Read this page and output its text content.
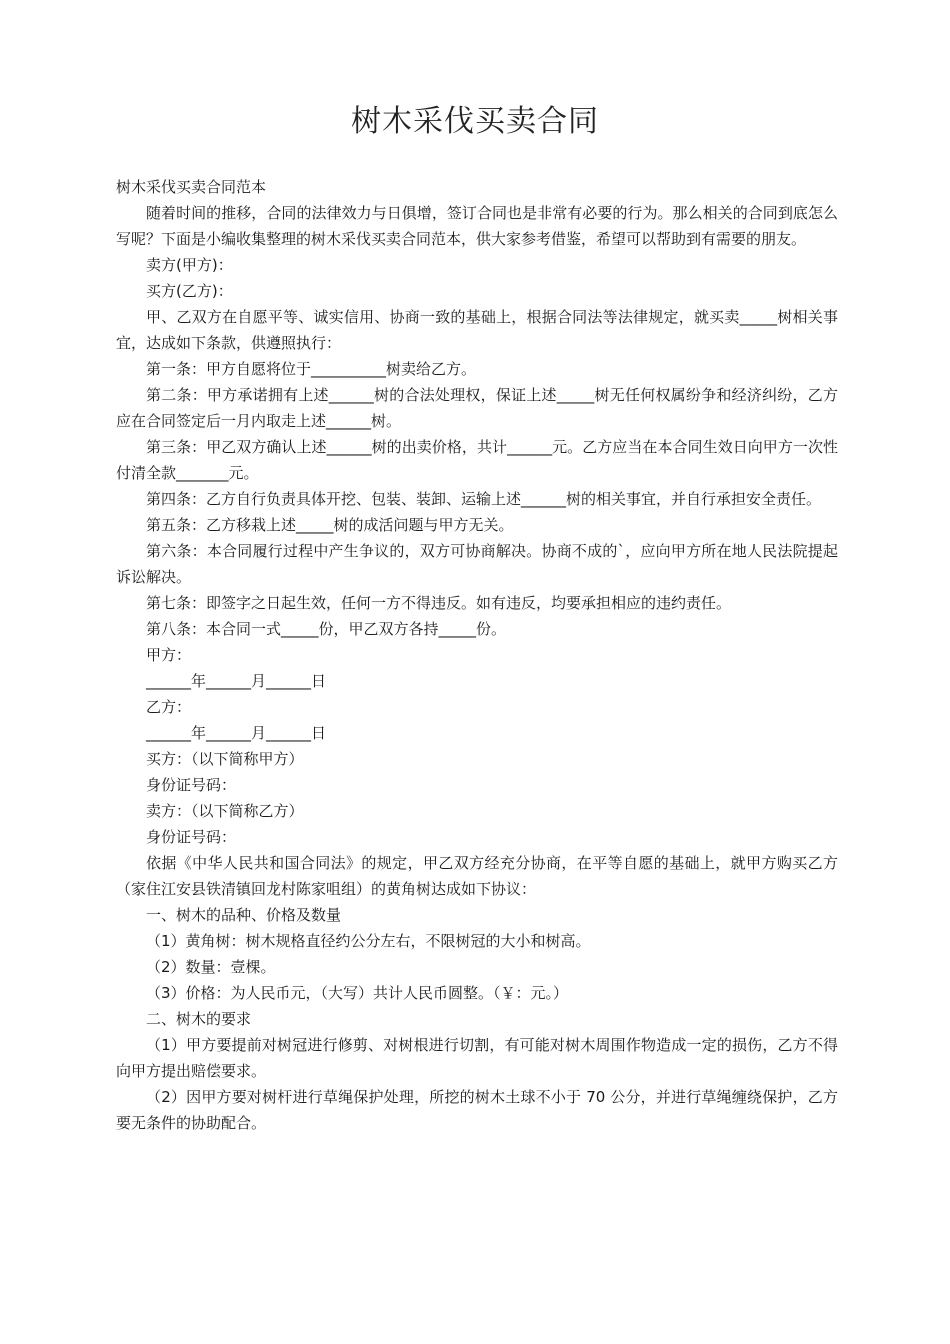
树木采伐买卖合同

树木采伐买卖合同范本

随着时间的推移，合同的法律效力与日俱增，签订合同也是非常有必要的行为。那么相关的合同到底怎么写呢？下面是小编收集整理的树木采伐买卖合同范本，供大家参考借鉴，希望可以帮助到有需要的朋友。

卖方(甲方)：

买方(乙方)：

甲、乙双方在自愿平等、诚实信用、协商一致的基础上，根据合同法等法律规定，就买卖_____树相关事宜，达成如下条款，供遵照执行：

第一条：甲方自愿将位于__________树卖给乙方。

第二条：甲方承诺拥有上述______树的合法处理权，保证上述_____树无任何权属纷争和经济纠纷，乙方应在合同签定后一月内取走上述______树。

第三条：甲乙双方确认上述______树的出卖价格，共计______元。乙方应当在本合同生效日向甲方一次性付清全款_______元。

第四条：乙方自行负责具体开挖、包装、装卸、运输上述______树的相关事宜，并自行承担安全责任。

第五条：乙方移栽上述_____树的成活问题与甲方无关。

第六条：本合同履行过程中产生争议的，双方可协商解决。协商不成的`，应向甲方所在地人民法院提起诉讼解决。

第七条：即签字之日起生效，任何一方不得违反。如有违反，均要承担相应的违约责任。

第八条：本合同一式_____份，甲乙双方各持_____份。

甲方：

______年______月______日

乙方：

______年______月______日

买方：（以下简称甲方）

身份证号码：

卖方：（以下简称乙方）

身份证号码：

依据《中华人民共和国合同法》的规定，甲乙双方经充分协商，在平等自愿的基础上，就甲方购买乙方（家住江安县铁清镇回龙村陈家咀组）的黄角树达成如下协议：

一、树木的品种、价格及数量

（1）黄角树：树木规格直径约公分左右，不限树冠的大小和树高。

（2）数量：壹棵。

（3）价格：为人民币元，（大写）共计人民币圆整。（￥：元。）

二、树木的要求

（1）甲方要提前对树冠进行修剪、对树根进行切割，有可能对树木周围作物造成一定的损伤，乙方不得向甲方提出赔偿要求。

（2）因甲方要对树杆进行草绳保护处理，所挖的树木土球不小于 70 公分，并进行草绳缠绕保护，乙方要无条件的协助配合。
